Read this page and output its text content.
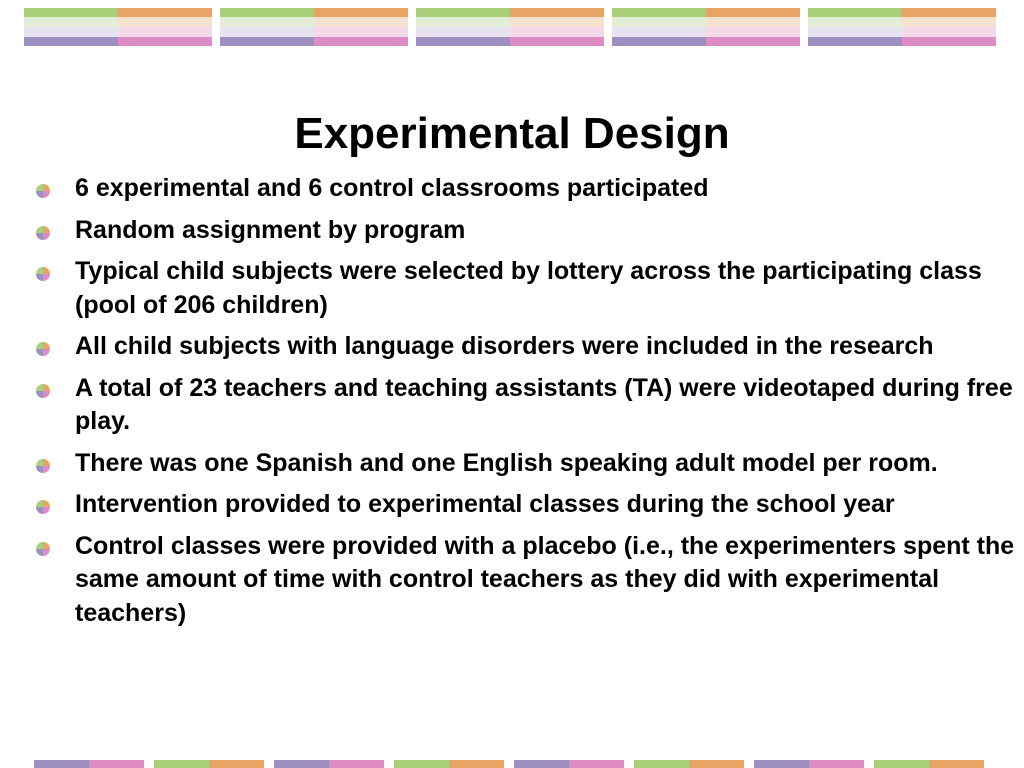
Experimental Design
6 experimental and 6 control classrooms participated
Random assignment by program
Typical child subjects were selected by lottery across the participating class (pool of 206 children)
All child subjects with language disorders were included in the research
A total of 23 teachers and teaching assistants (TA) were videotaped during free play.
There was one Spanish and one English speaking adult model per room.
Intervention provided to experimental classes during the school year
Control classes were provided with a placebo (i.e., the experimenters spent the same amount of time with control teachers as they did with experimental teachers)
